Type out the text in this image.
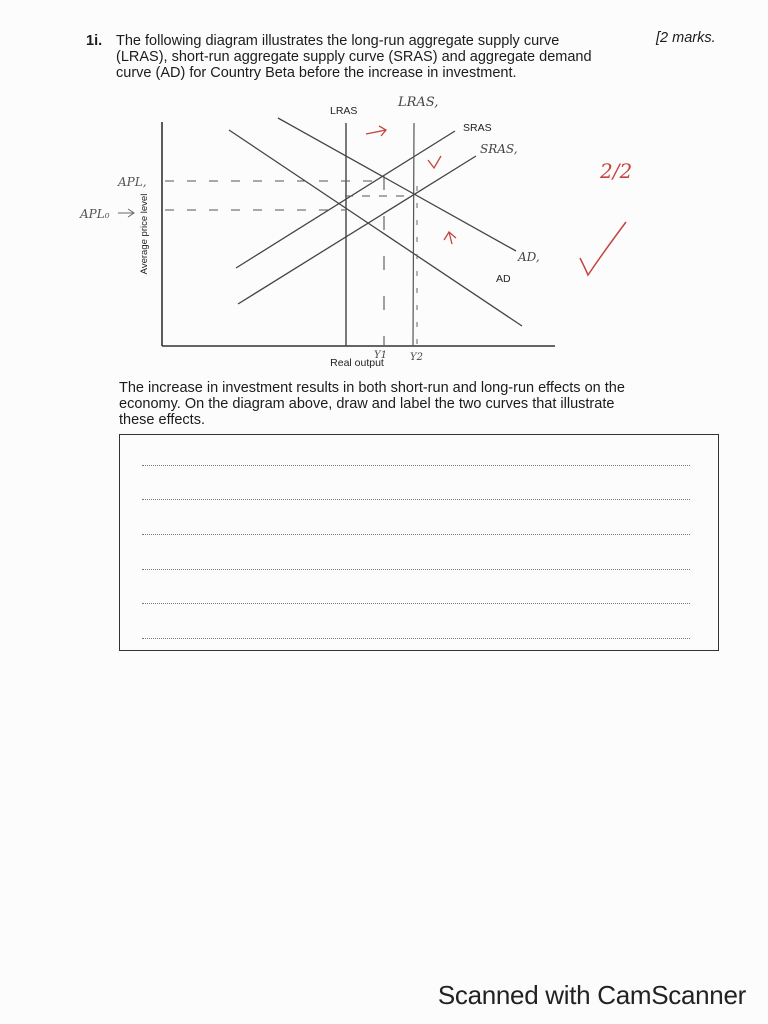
1i. The following diagram illustrates the long-run aggregate supply curve
(LRAS), short-run aggregate supply curve (SRAS) and aggregate demand
curve (AD) for Country Beta before the increase in investment.
[2 marks.
Average price level
Real output
LRAS
SRAS
AD
LRAS,
SRAS,
AD,
APL,
APL₀
Y1 Y2
2/2
The increase in investment results in both short-run and long-run effects on the
economy. On the diagram above, draw and label the two curves that illustrate
these effects.
Scanned with CamScanner
